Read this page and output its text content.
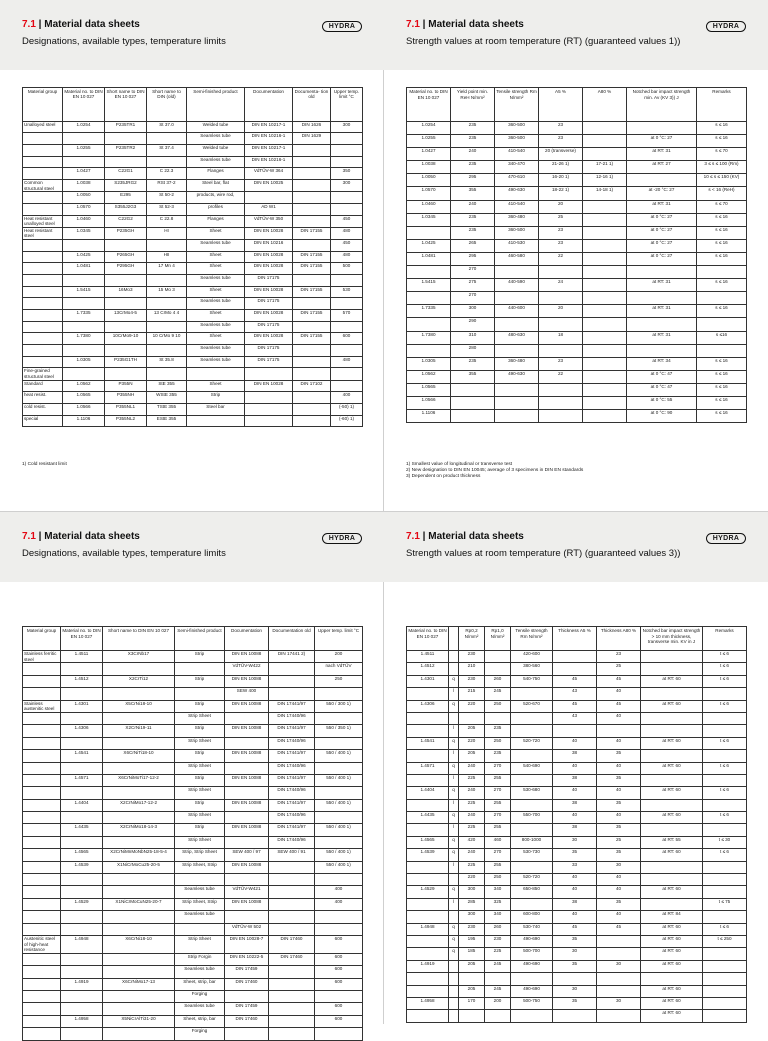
7.1 | Material data sheets
Designations, available types, temperature limits
HYDRA

Material group	Material no. to DIN EN 10 027	Short name to DIN EN 10 027	Short name to DIN (old)	Semi-finished product	Documentation	Documenta- tion old	Upper temp. limit °C
Unalloyed steel	1.0254	P235TR1	St 37.0	Welded tube	DIN EN 10217-1	DIN 1626	300
				Seamless tube	DIN EN 10216-1	DIN 1629	
	1.0255	P235TR2	St 37.4	Welded tube	DIN EN 10217-1		
				Seamless tube	DIN EN 10216-1		
	1.0427	C22G1	C 22.3	Flanges	VdTÜV-W 364		350
Common structural steel	1.0038	S235JRG2	RSt 37-2	Steel bar, flat	DIN EN 10025		300
	1.0050	E295	St 50-2	products, wire rod,			
	1.0570	S355J2G3	St 52-3	profiles	AD W1		
Heat resistant unalloyed steel	1.0460	C22G2	C 22.8	Flanges	VdTÜV-W 350		450
Heat resistant steel	1.0345	P235GH	HI	Sheet	DIN EN 10028	DIN 17155	480
				Seamless tube	DIN EN 10216		450
	1.0425	P265GH	HII	Sheet	DIN EN 10028	DIN 17155	480
	1.0481	P295GH	17 Mn 4	Sheet	DIN EN 10028	DIN 17155	500
				Seamless tube	DIN 17175		
	1.5415	16Mo3	15 Mo 3	Sheet	DIN EN 10028	DIN 17155	530
				Seamless tube	DIN 17175		
	1.7335	13CrMo4-5	13 CrMo 4 4	Sheet	DIN EN 10028	DIN 17155	570
				Seamless tube	DIN 17175		
	1.7380	10CrMo9-10	10 CrMo 9 10	Sheet	DIN EN 10028	DIN 17155	600
				Seamless tube	DIN 17175		
	1.0305	P235G1TH	St 35.8	Seamless tube	DIN 17175		480
Fine-grained structural steel							
Standard	1.0562	P355N	StE 355	Sheet	DIN EN 10028	DIN 17102	
heat resist.	1.0565	P355NH	WStE 355	Strip			400
cold resist.	1.0566	P355NL1	TStE 355	Steel bar			(-50) 1)
special	1.1106	P355NL2	EStE 355				(-60) 1)
1) Cold resistant limit
7.1 | Material data sheets
Strength values at room temperature (RT) (guaranteed values 1))
HYDRA
Material no. to DIN EN 10 027	Yield point min. ReH N/mm²	Tensile strength Rm N/mm²	A5 %	A80 %	Notched bar impact strength min. Av (KV 3)) J	Remarks
1.0254	235	360-500	23			s ≤ 16
1.0255	235	360-500	23		at 0 °C: 27	s ≤ 16
1.0427	240	410-540	20 (transverse)		at RT: 31	s ≤ 70
1.0038	235	340-470	21-26 1)	17-21 1)	at RT: 27	3 ≤ s ≤ 100 (Rm)
1.0050	295	470-610	16-20 1)	12-16 1)		10 ≤ s ≤ 150 (KV)
1.0570	355	490-630	18-22 1)	14-18 1)	at -20 °C: 27	s < 16 (ReH)
1.0460	240	410-540	20		at RT: 31	s ≤ 70
1.0345	235	360-480	25		at 0 °C: 27	s ≤ 16
	235	360-500	23		at 0 °C: 27	s ≤ 16
1.0425	265	410-530	23		at 0 °C: 27	s ≤ 16
1.0481	295	460-580	22		at 0 °C: 27	s ≤ 16
	270					
1.5415	275	440-590	24		at RT: 31	s ≤ 16
	270					
1.7335	300	440-600	20		at RT: 31	s ≤ 16
	290					
1.7380	310	480-630	18		at RT: 31	s ≤16
	280					
1.0305	235	360-480	23		at RT: 34	s ≤ 16
1.0562	355	490-630	22		at 0 °C: 47	s ≤ 16
1.0565					at 0 °C: 47	s ≤ 16
1.0566					at 0 °C: 55	s ≤ 16
1.1106					at 0 °C: 90	s ≤ 16
1) Smallest value of longitudinal or transverse test
2) New designation to DIN EN 10045; average of 3 specimens in DIN EN standards
3) Dependent on product thickness
7.1 | Material data sheets
Designations, available types, temperature limits
HYDRA
Material group	Material no. to DIN EN 10 027	Short name to DIN EN 10 027	Semi-finished product	Documentation	Documentation old	Upper temp. limit °C
Stainless ferritic steel	1.4511	X3CrNb17	Strip	DIN EN 10088	DIN 17441 2)	200
				VdTÜV-W422		nach VdTÜV
	1.4512	X2CrTi12	Strip	DIN EN 10088		250
				SEW 400		
Stainless austenitic steel	1.4301	X5CrNi18-10	Strip	DIN EN 10088	DIN 17441/97	550 / 300 1)
			Strip Sheet		DIN 17440/96	
	1.4306	X2CrNi19-11	Strip	DIN EN 10088	DIN 17441/97	550 / 350 1)
			Strip Sheet		DIN 17440/96	
	1.4541	X6CrNiTi18-10	Strip	DIN EN 10088	DIN 17441/97	550 / 400 1)
			Strip Sheet		DIN 17440/96	
	1.4571	X6CrNiMoTi17-12-2	Strip	DIN EN 10088	DIN 17441/97	550 / 400 1)
			Strip Sheet		DIN 17440/96	
	1.4404	X2CrNiMo17-12-2	Strip	DIN EN 10088	DIN 17441/97	550 / 400 1)
			Strip Sheet		DIN 17440/96	
	1.4435	X2CrNiMo18-14-3	Strip	DIN EN 10088	DIN 17441/97	550 / 400 1)
			Strip Sheet		DIN 17440/96	
	1.4565	X2CrNiMnMoNbN25-18-5-4	Strip, Strip Sheet	SEW 400 / 97	SEW 400 / 91	550 / 400 1)
	1.4539	X1NiCrMoCu25-20-5	Strip Sheet, Strip	DIN EN 10088		550 / 400 1)

			Seamless tube	VdTÜV-W421		400
	1.4529	X1NiCrMoCuN25-20-7	Strip Sheet, Strip	DIN EN 10088		400
			Seamless tube			
				VdTÜV-W 502		
Austenitic steel of high-heat resistance	1.4948	X6CrNi18-10	Strip Sheet	DIN EN 10028-7	DIN 17460	600
			Strip Forgin	DIN EN 10222-5	DIN 17460	600
			Seamless tube	DIN 17459		600
	1.4919	X6CrNiMo17-13	Sheet, strip, bar	DIN 17460		600
			Forging			
			Seamless tube	DIN 17459		600
	1.4958	X5NiCrAlTi31-20	Sheet, strip, bar	DIN 17460		600
			Forging			
7.1 | Material data sheets
Strength values at room temperature (RT) (guaranteed values 3))
HYDRA
Material no. to DIN EN 10 027		Rp0,2 N/mm²	Rp1,0 N/mm²	Tensile strength Rm N/mm²	Thickness A5 %	Thickness A80 %	Notched bar impact strength > 10 mm thickness, transverse min. KV in J	Remarks
1.4511		230		420-600		23		t ≤ 6
1.4512		210		380-560		25		t ≤ 6
1.4301	q	230	260	540-750	45	45	at RT: 60	t ≤ 6
	l	215	245		43	40		
1.4306	q	220	250	520-670	45	45	at RT: 60	t ≤ 6
					43	40		
	l	205	235					
1.4541	q	220	250	520-720	40	40	at RT: 60	t ≤ 6
	l	205	235		38	35		
1.4571	q	240	270	540-690	40	40	at RT: 60	t ≤ 6
	l	225	255		38	35		
1.4404	q	240	270	530-680	40	40	at RT: 60	t ≤ 6
	l	225	255		38	35		
1.4435	q	240	270	550-700	40	40	at RT: 60	t ≤ 6
	l	225	255		38	35		
1.4565	q	420	460	800-1000	30	25	at RT: 55	t ≤ 30
1.4539	q	240	270	530-730	35	35	at RT: 60	t ≤ 6
	l	225	255		33	30		
		220	250	520-720	40	40		
1.4529	q	300	340	650-850	40	40	at RT: 60	
	l	285	325		38	35		t ≤ 75
		300	340	600-800	40	40	at RT: 84	
1.4948	q	230	260	530-740	45	45	at RT: 60	t ≤ 6
	q	195	230	490-690	35		at RT: 60	t ≤ 250
	q	185	225	500-700	30		at RT: 60	
1.4919		205	245	490-690	35	30	at RT: 60	

		205	245	490-690	30		at RT: 60	
1.4958		170	200	500-750	35	30	at RT: 60	
							at RT: 60	
